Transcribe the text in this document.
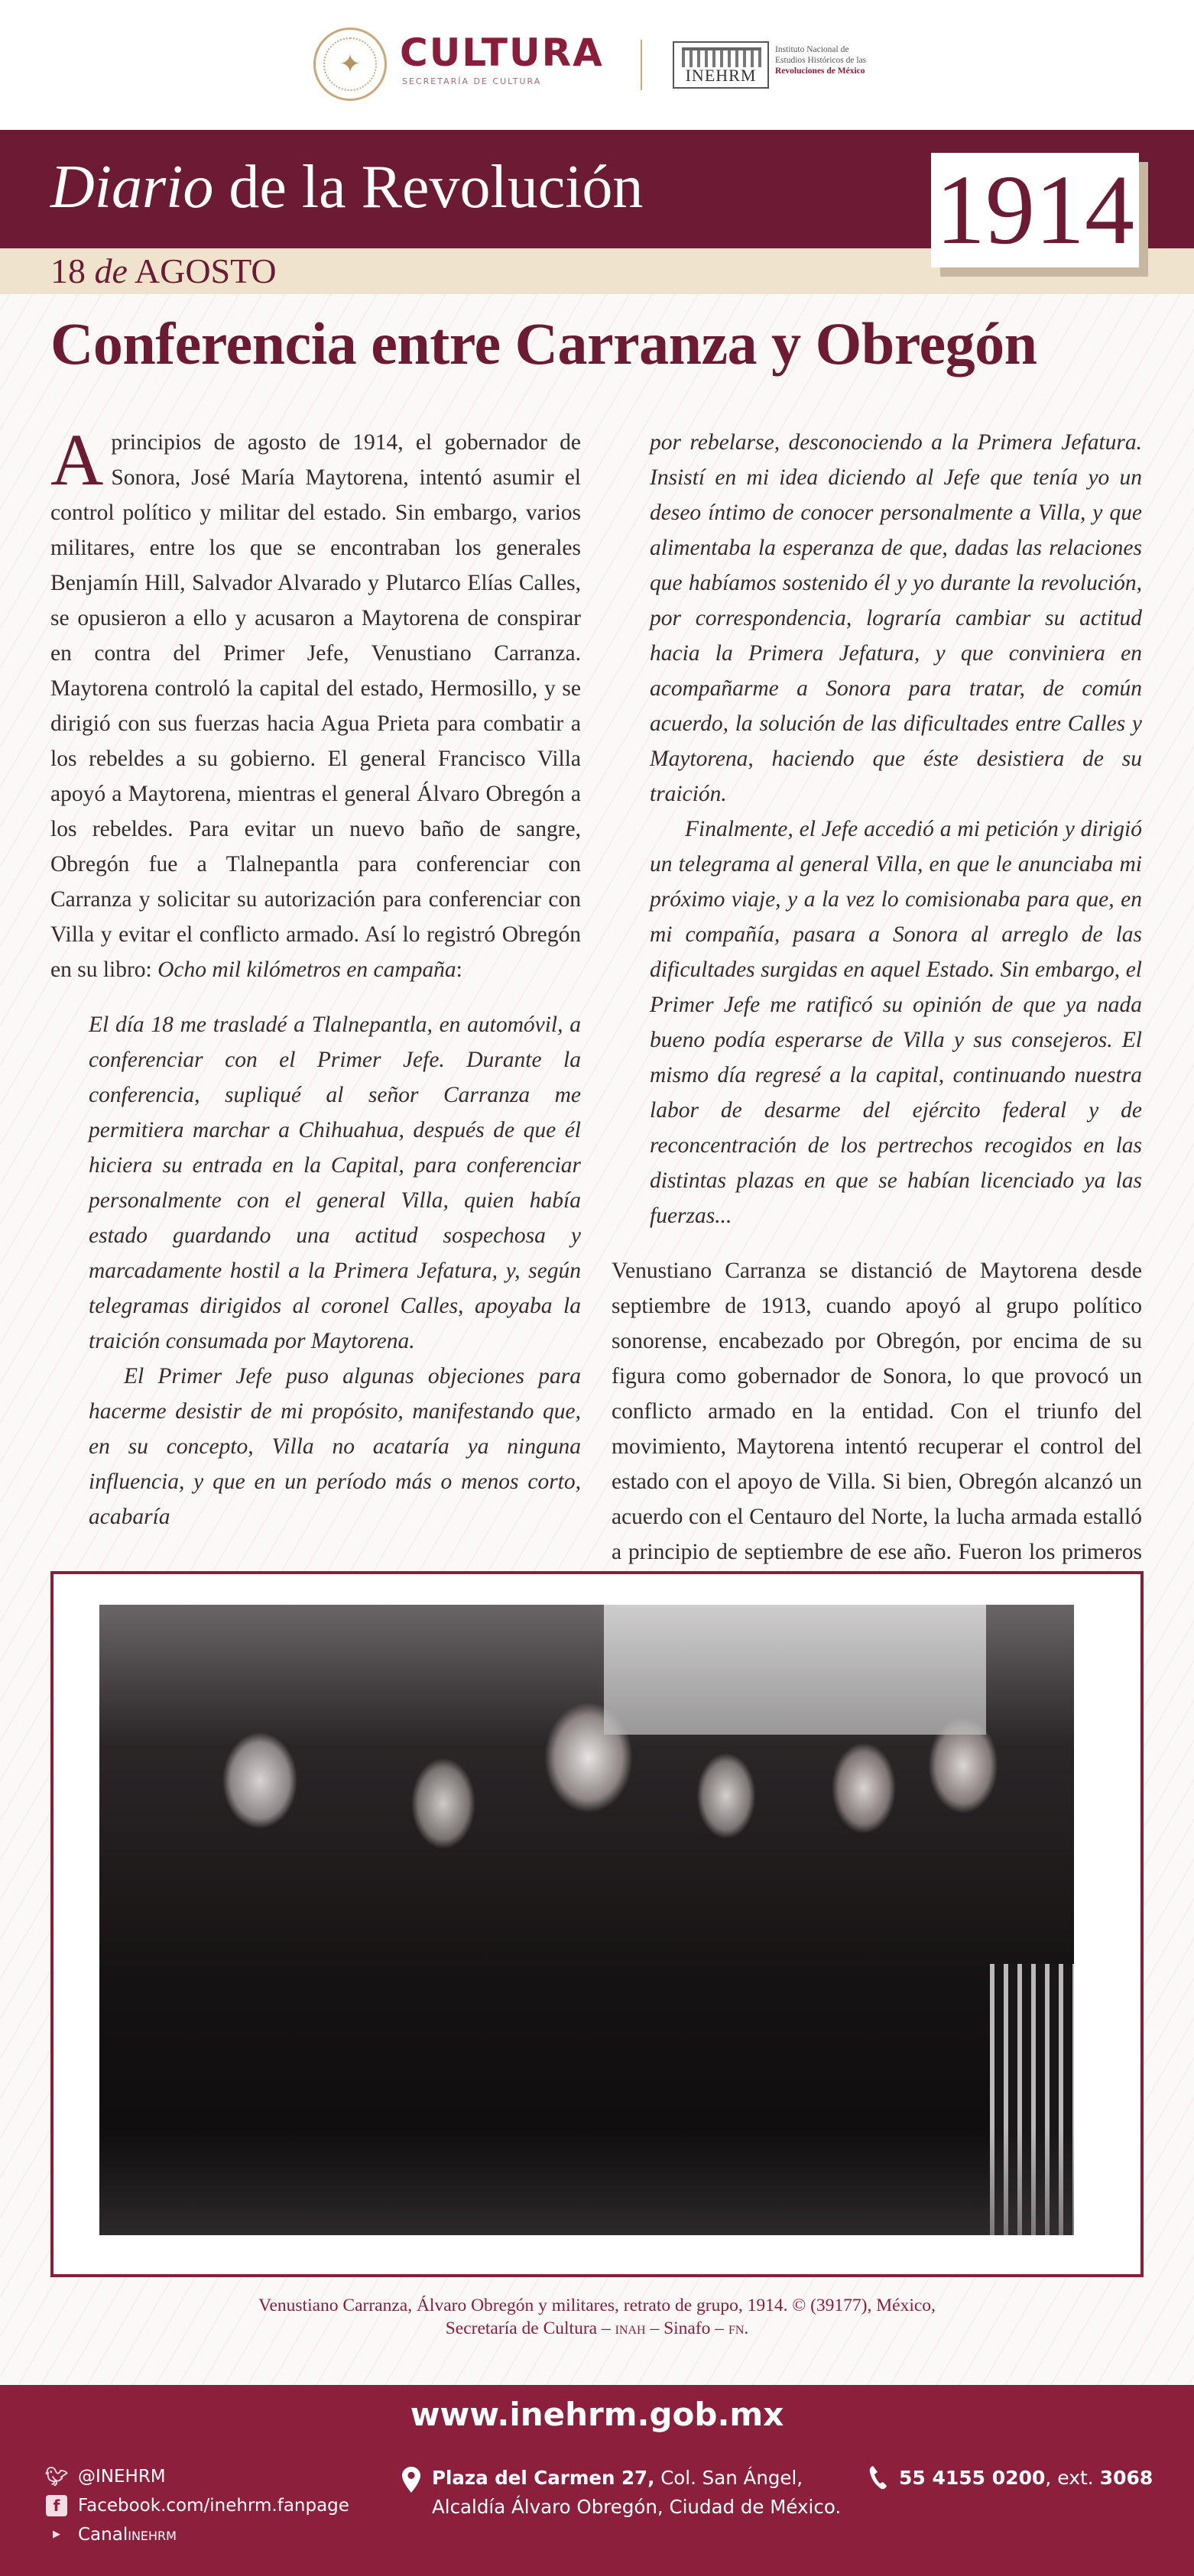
✦	CULTURA
SECRETARÍA DE CULTURA	INEHRM
Instituto Nacional de
Estudios Históricos de las
Revoluciones de México
Diario de la Revolución
18 de AGOSTO
1914
Conferencia entre Carranza y Obregón

A principios de agosto de 1914, el gobernador de Sonora, José María Maytorena, intentó asumir el control político y militar del estado. Sin embargo, varios militares, entre los que se encontraban los generales Benjamín Hill, Salvador Alvarado y Plutarco Elías Calles, se opusieron a ello y acusaron a Maytorena de conspirar en contra del Primer Jefe, Venustiano Carranza. Maytorena controló la capital del estado, Hermosillo, y se dirigió con sus fuerzas hacia Agua Prieta para combatir a los rebeldes a su gobierno. El general Francisco Villa apoyó a Maytorena, mientras el general Álvaro Obregón a los rebeldes. Para evitar un nuevo baño de sangre, Obregón fue a Tlalnepantla para conferenciar con Carranza y solicitar su autorización para conferenciar con Villa y evitar el conflicto armado. Así lo registró Obregón en su libro: Ocho mil kilómetros en campaña:

El día 18 me trasladé a Tlalnepantla, en automóvil, a conferenciar con el Primer Jefe. Durante la conferencia, supliqué al señor Carranza me permitiera marchar a Chihuahua, después de que él hiciera su entrada en la Capital, para conferenciar personalmente con el general Villa, quien había estado guardando una actitud sospechosa y marcadamente hostil a la Primera Jefatura, y, según telegramas dirigidos al coronel Calles, apoyaba la traición consumada por Maytorena.

El Primer Jefe puso algunas objeciones para hacerme desistir de mi propósito, manifestando que, en su concepto, Villa no acataría ya ninguna influencia, y que en un período más o menos corto, acabaría

por rebelarse, desconociendo a la Primera Jefatura. Insistí en mi idea diciendo al Jefe que tenía yo un deseo íntimo de conocer personalmente a Villa, y que alimentaba la esperanza de que, dadas las relaciones que habíamos sostenido él y yo durante la revolución, por correspondencia, lograría cambiar su actitud hacia la Primera Jefatura, y que conviniera en acompañarme a Sonora para tratar, de común acuerdo, la solución de las dificultades entre Calles y Maytorena, haciendo que éste desistiera de su traición.

Finalmente, el Jefe accedió a mi petición y dirigió un telegrama al general Villa, en que le anunciaba mi próximo viaje, y a la vez lo comisionaba para que, en mi compañía, pasara a Sonora al arreglo de las dificultades surgidas en aquel Estado. Sin embargo, el Primer Jefe me ratificó su opinión de que ya nada bueno podía esperarse de Villa y sus consejeros. El mismo día regresé a la capital, continuando nuestra labor de desarme del ejército federal y de reconcentración de los pertrechos recogidos en las distintas plazas en que se habían licenciado ya las fuerzas...

Venustiano Carranza se distanció de Maytorena desde septiembre de 1913, cuando apoyó al grupo político sonorense, encabezado por Obregón, por encima de su figura como gobernador de Sonora, lo que provocó un conflicto armado en la entidad. Con el triunfo del movimiento, Maytorena intentó recuperar el control del estado con el apoyo de Villa. Si bien, Obregón alcanzó un acuerdo con el Centauro del Norte, la lucha armada estalló a principio de septiembre de ese año. Fueron los primeros

Venustiano Carranza, Álvaro Obregón y militares, retrato de grupo, 1914. © (39177), México,
Secretaría de Cultura – inah – Sinafo – fn.
www.inehrm.gob.mx
🐦︎ @INEHRM
f	Facebook.com/inehrm.fanpage
▶	Canal inehrm
Plaza del Carmen 27, Col. San Ángel,
Alcaldía Álvaro Obregón, Ciudad de México.
55 4155 0200, ext. 3068
